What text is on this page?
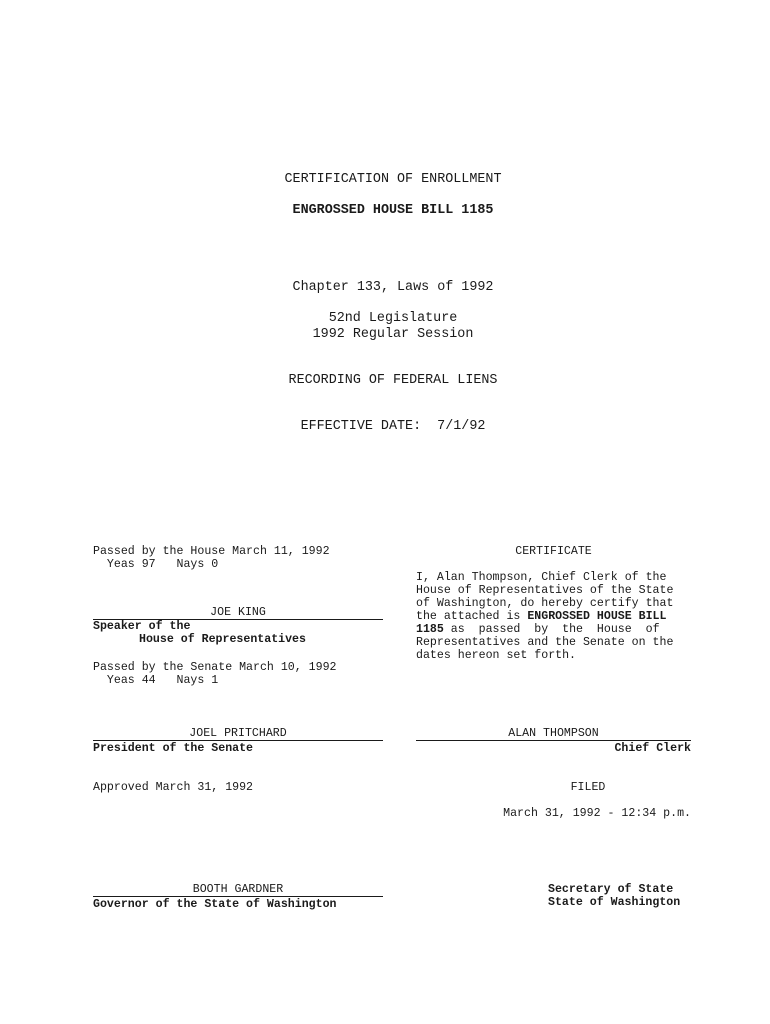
CERTIFICATION OF ENROLLMENT
ENGROSSED HOUSE BILL 1185
Chapter 133, Laws of 1992
52nd Legislature
1992 Regular Session
RECORDING OF FEDERAL LIENS
EFFECTIVE DATE:  7/1/92
Passed by the House March 11, 1992
Yeas 97   Nays 0
JOE KING
Speaker of the
House of Representatives
Passed by the Senate March 10, 1992
Yeas 44   Nays 1
JOEL PRITCHARD
President of the Senate
Approved March 31, 1992
BOOTH GARDNER
Governor of the State of Washington
CERTIFICATE
I, Alan Thompson, Chief Clerk of the
House of Representatives of the State
of Washington, do hereby certify that
the attached is ENGROSSED HOUSE BILL
1185 as  passed  by  the  House  of
Representatives and the Senate on the
dates hereon set forth.
ALAN THOMPSON
Chief Clerk
FILED
March 31, 1992 - 12:34 p.m.
Secretary of State
State of Washington
